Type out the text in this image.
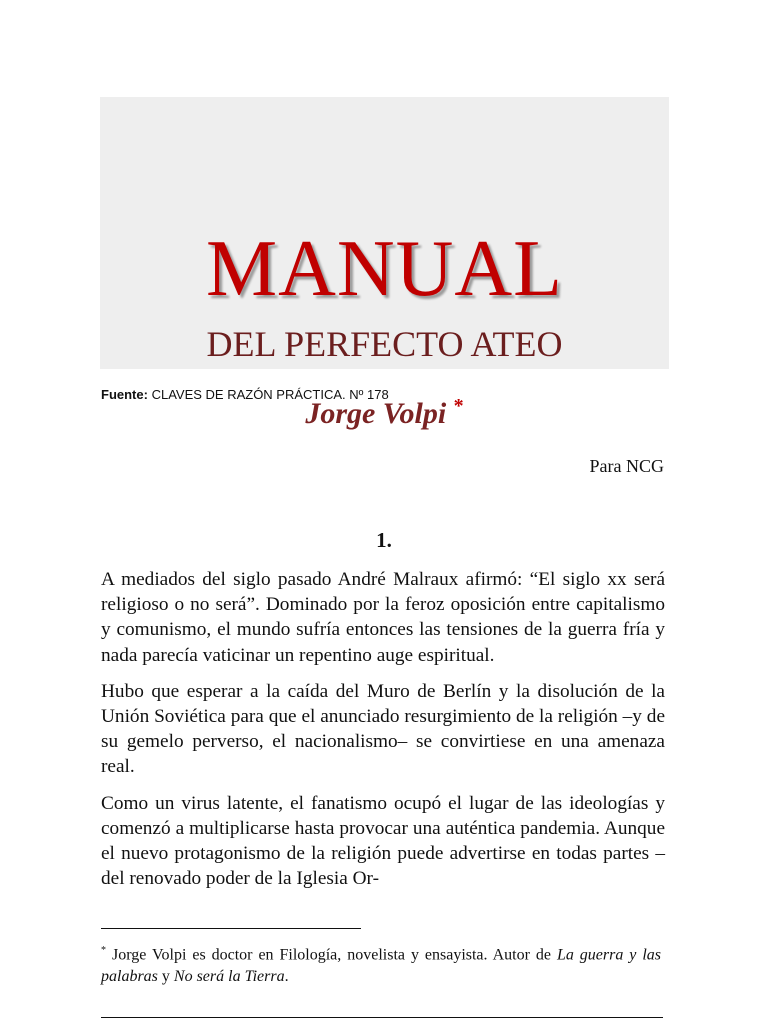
MANUAL
DEL PERFECTO ATEO
Jorge Volpi *
Fuente: CLAVES DE RAZÓN PRÁCTICA. Nº 178
Para NCG
1.

A mediados del siglo pasado André Malraux afirmó: “El siglo xx será religioso o no será”. Dominado por la feroz oposición entre capitalismo y comunismo, el mundo sufría entonces las tensiones de la guerra fría y nada parecía vaticinar un repentino auge espiritual.

Hubo que esperar a la caída del Muro de Berlín y la disolución de la Unión Soviética para que el anunciado resurgimiento de la religión –y de su gemelo perverso, el nacionalismo– se convirtiese en una amenaza real.

Como un virus latente, el fanatismo ocupó el lugar de las ideologías y comenzó a multiplicarse hasta provocar una auténtica pandemia. Aunque el nuevo protagonismo de la religión puede advertirse en todas partes –del renovado poder de la Iglesia Or-

* Jorge Volpi es doctor en Filología, novelista y ensayista. Autor de La guerra y las palabras y No será la Tierra.
